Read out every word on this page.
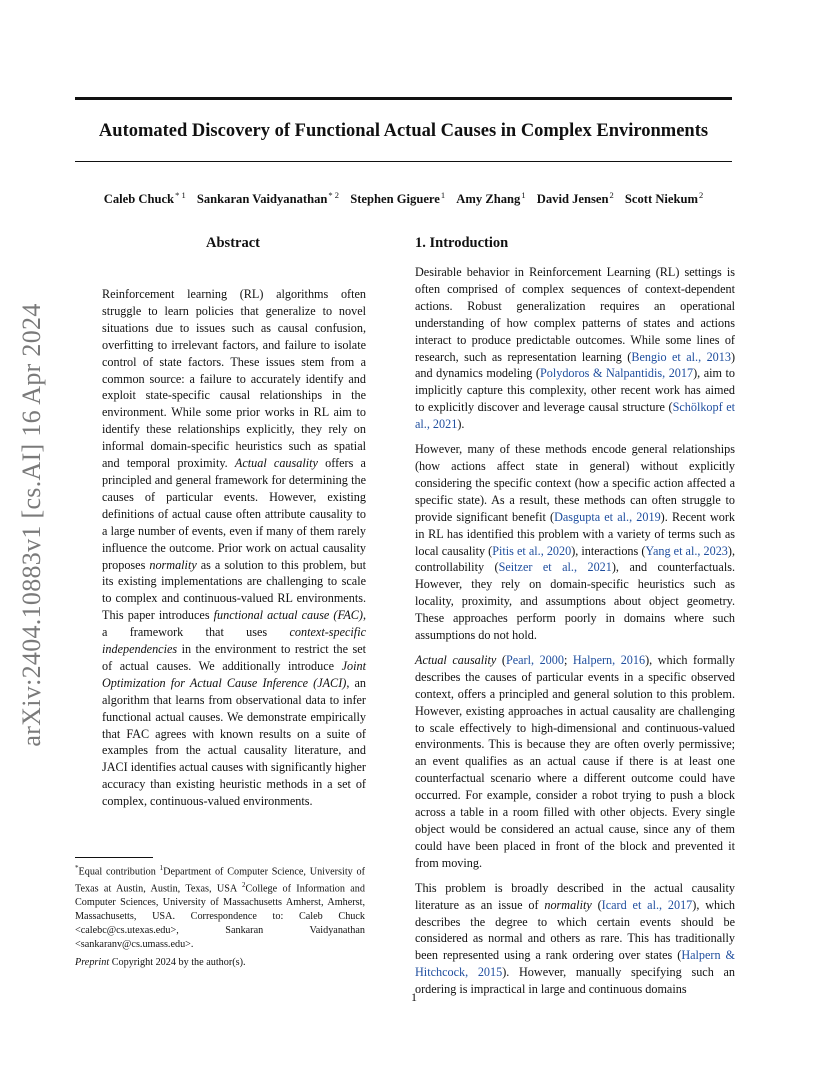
arXiv:2404.10883v1 [cs.AI] 16 Apr 2024
Automated Discovery of Functional Actual Causes in Complex Environments
Caleb Chuck$^{* 1}$ Sankaran Vaidyanathan$^{* 2}$ Stephen Giguere$^1$ Amy Zhang$^1$ David Jensen$^2$ Scott Niekum$^2$
Abstract
Reinforcement learning (RL) algorithms often struggle to learn policies that generalize to novel situations due to issues such as causal confusion, overfitting to irrelevant factors, and failure to isolate control of state factors. These issues stem from a common source: a failure to accurately identify and exploit state-specific causal relationships in the environment. While some prior works in RL aim to identify these relationships explicitly, they rely on informal domain-specific heuristics such as spatial and temporal proximity. Actual causality offers a principled and general framework for determining the causes of particular events. However, existing definitions of actual cause often attribute causality to a large number of events, even if many of them rarely influence the outcome. Prior work on actual causality proposes normality as a solution to this problem, but its existing implementations are challenging to scale to complex and continuous-valued RL environments. This paper introduces functional actual cause (FAC), a framework that uses context-specific independencies in the environment to restrict the set of actual causes. We additionally introduce Joint Optimization for Actual Cause Inference (JACI), an algorithm that learns from observational data to infer functional actual causes. We demonstrate empirically that FAC agrees with known results on a suite of examples from the actual causality literature, and JACI identifies actual causes with significantly higher accuracy than existing heuristic methods in a set of complex, continuous-valued environments.
1. Introduction

Desirable behavior in Reinforcement Learning (RL) settings is often comprised of complex sequences of context-dependent actions. Robust generalization requires an operational understanding of how complex patterns of states and actions interact to produce predictable outcomes. While some lines of research, such as representation learning (Bengio et al., 2013) and dynamics modeling (Polydoros & Nalpantidis, 2017), aim to implicitly capture this complexity, other recent work has aimed to explicitly discover and leverage causal structure (Schölkopf et al., 2021).

However, many of these methods encode general relationships (how actions affect state in general) without explicitly considering the specific context (how a specific action affected a specific state). As a result, these methods can often struggle to provide significant benefit (Dasgupta et al., 2019). Recent work in RL has identified this problem with a variety of terms such as local causality (Pitis et al., 2020), interactions (Yang et al., 2023), controllability (Seitzer et al., 2021), and counterfactuals. However, they rely on domain-specific heuristics such as locality, proximity, and assumptions about object geometry. These approaches perform poorly in domains where such assumptions do not hold.

Actual causality (Pearl, 2000; Halpern, 2016), which formally describes the causes of particular events in a specific observed context, offers a principled and general solution to this problem. However, existing approaches in actual causality are challenging to scale effectively to high-dimensional and continuous-valued environments. This is because they are often overly permissive; an event qualifies as an actual cause if there is at least one counterfactual scenario where a different outcome could have occurred. For example, consider a robot trying to push a block across a table in a room filled with other objects. Every single object would be considered an actual cause, since any of them could have been placed in front of the block and prevented it from moving.

This problem is broadly described in the actual causality literature as an issue of normality (Icard et al., 2017), which describes the degree to which certain events should be considered as normal and others as rare. This has traditionally been represented using a rank ordering over states (Halpern & Hitchcock, 2015). However, manually specifying such an ordering is impractical in large and continuous domains

*Equal contribution $^1$Department of Computer Science, University of Texas at Austin, Austin, Texas, USA $^2$College of Information and Computer Sciences, University of Massachusetts Amherst, Amherst, Massachusetts, USA. Correspondence to: Caleb Chuck <calebc@cs.utexas.edu>, Sankaran Vaidyanathan <sankaranv@cs.umass.edu>.
Preprint Copyright 2024 by the author(s).
1
